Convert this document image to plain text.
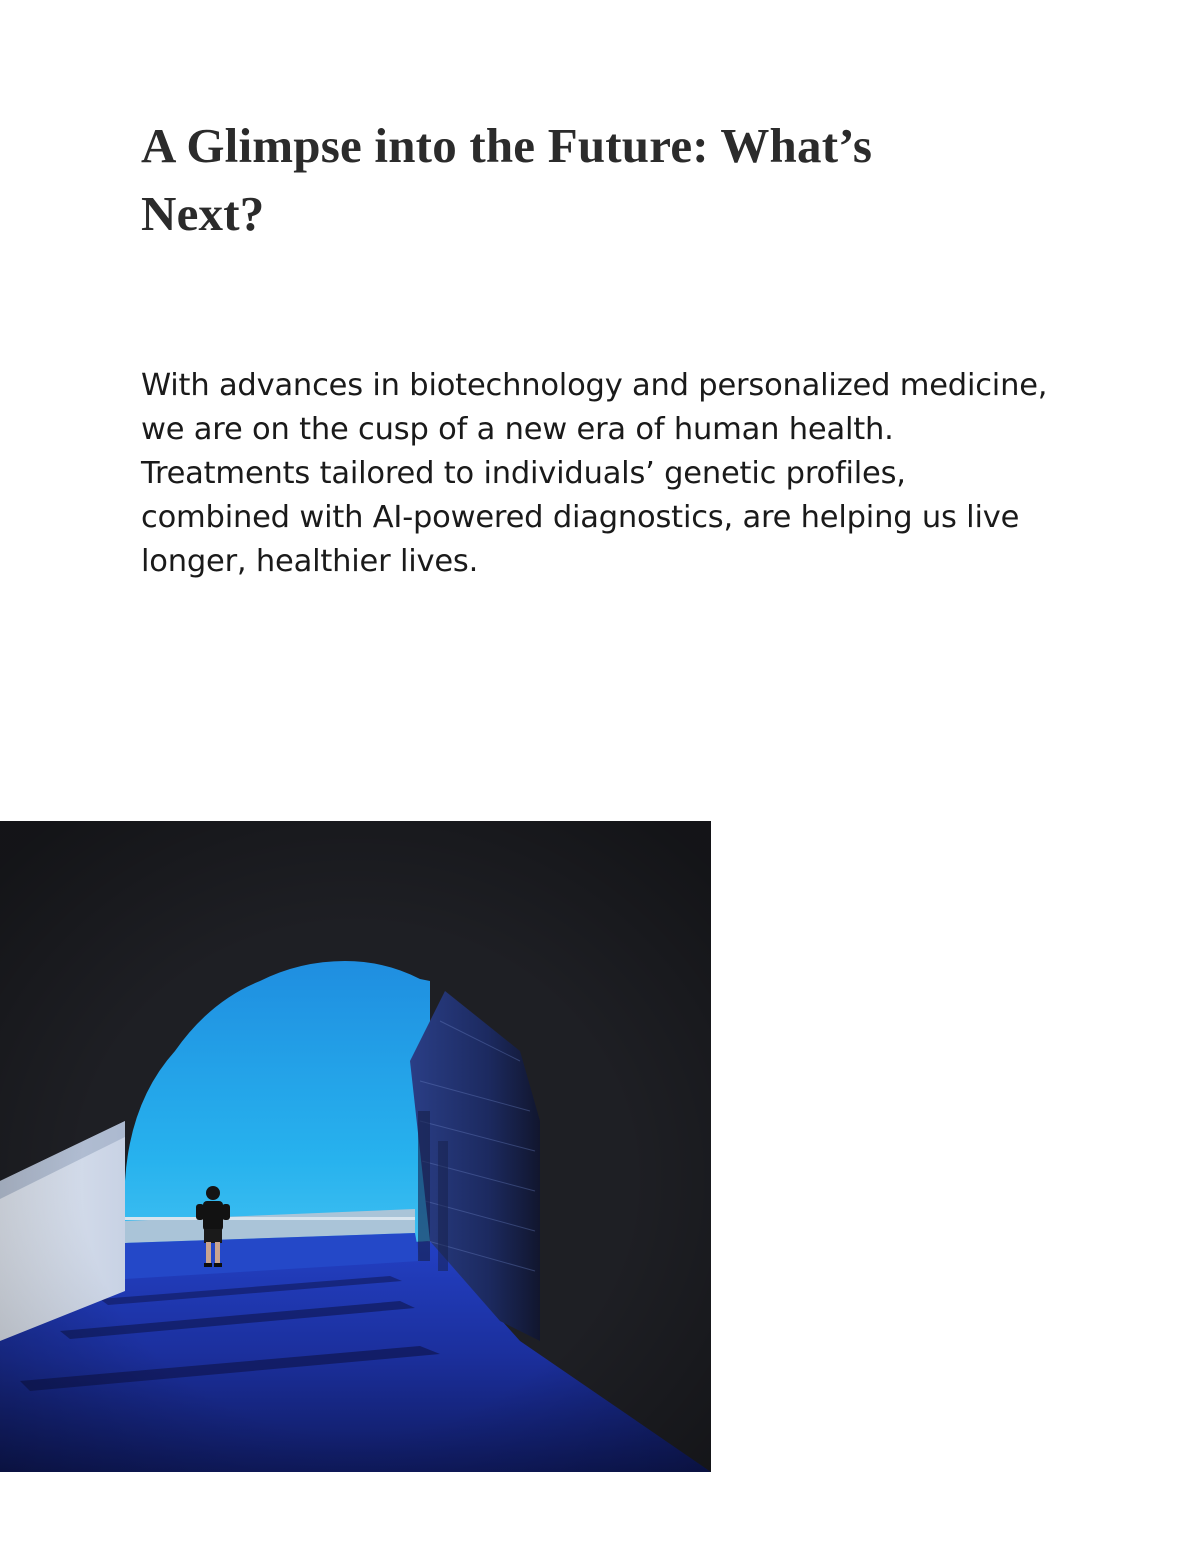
A Glimpse into the Future: What’s Next?

With advances in biotechnology and personalized medicine, we are on the cusp of a new era of human health. Treatments tailored to individuals’ genetic profiles, combined with AI-powered diagnostics, are helping us live longer, healthier lives.
